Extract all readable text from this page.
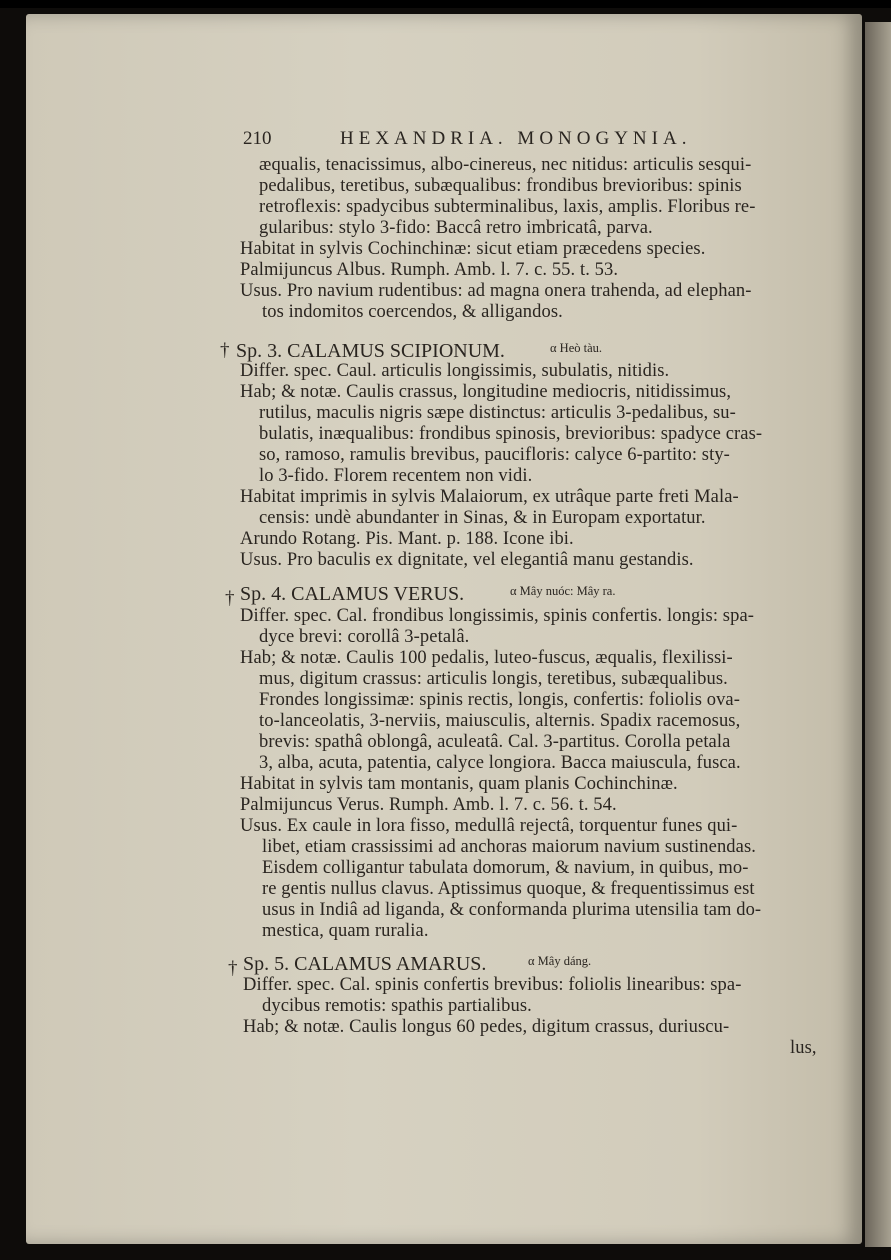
210	HEXANDRIA. MONOGYNIA.
æqualis, tenacissimus, albo-cinereus, nec nitidus: articulis sesqui-
pedalibus, teretibus, subæqualibus: frondibus brevioribus: spinis
retroflexis: spadycibus subterminalibus, laxis, amplis. Floribus re-
gularibus: stylo 3-fido: Baccâ retro imbricatâ, parva.
Habitat in sylvis Cochinchinæ: sicut etiam præcedens species.
Palmijuncus Albus. Rumph. Amb. l. 7. c. 55. t. 53.
Usus. Pro navium rudentibus: ad magna onera trahenda, ad elephan-
tos indomitos coercendos, & alligandos.
† Sp. 3. CALAMUS SCIPIONUM.	α Heò tàu.
Differ. spec. Caul. articulis longissimis, subulatis, nitidis.
Hab; & notæ. Caulis crassus, longitudine mediocris, nitidissimus,
rutilus, maculis nigris sæpe distinctus: articulis 3-pedalibus, su-
bulatis, inæqualibus: frondibus spinosis, brevioribus: spadyce cras-
so, ramoso, ramulis brevibus, paucifloris: calyce 6-partito: sty-
lo 3-fido. Florem recentem non vidi.
Habitat imprimis in sylvis Malaiorum, ex utrâque parte freti Mala-
censis: undè abundanter in Sinas, & in Europam exportatur.
Arundo Rotang. Pis. Mant. p. 188. Icone ibi.
Usus. Pro baculis ex dignitate, vel elegantiâ manu gestandis.
† Sp. 4. CALAMUS VERUS.	α Mây nuóc: Mây ra.
Differ. spec. Cal. frondibus longissimis, spinis confertis. longis: spa-
dyce brevi: corollâ 3-petalâ.
Hab; & notæ. Caulis 100 pedalis, luteo-fuscus, æqualis, flexilissi-
mus, digitum crassus: articulis longis, teretibus, subæqualibus.
Frondes longissimæ: spinis rectis, longis, confertis: foliolis ova-
to-lanceolatis, 3-nerviis, maiusculis, alternis. Spadix racemosus,
brevis: spathâ oblongâ, aculeatâ. Cal. 3-partitus. Corolla petala
3, alba, acuta, patentia, calyce longiora. Bacca maiuscula, fusca.
Habitat in sylvis tam montanis, quam planis Cochinchinæ.
Palmijuncus Verus. Rumph. Amb. l. 7. c. 56. t. 54.
Usus. Ex caule in lora fisso, medullâ rejectâ, torquentur funes qui-
libet, etiam crassissimi ad anchoras maiorum navium sustinendas.
Eisdem colligantur tabulata domorum, & navium, in quibus, mo-
re gentis nullus clavus. Aptissimus quoque, & frequentissimus est
usus in Indiâ ad liganda, & conformanda plurima utensilia tam do-
mestica, quam ruralia.
† Sp. 5. CALAMUS AMARUS.	α Mây dáng.
Differ. spec. Cal. spinis confertis brevibus: foliolis linearibus: spa-
dycibus remotis: spathis partialibus.
Hab; & notæ. Caulis longus 60 pedes, digitum crassus, duriuscu-
lus,
